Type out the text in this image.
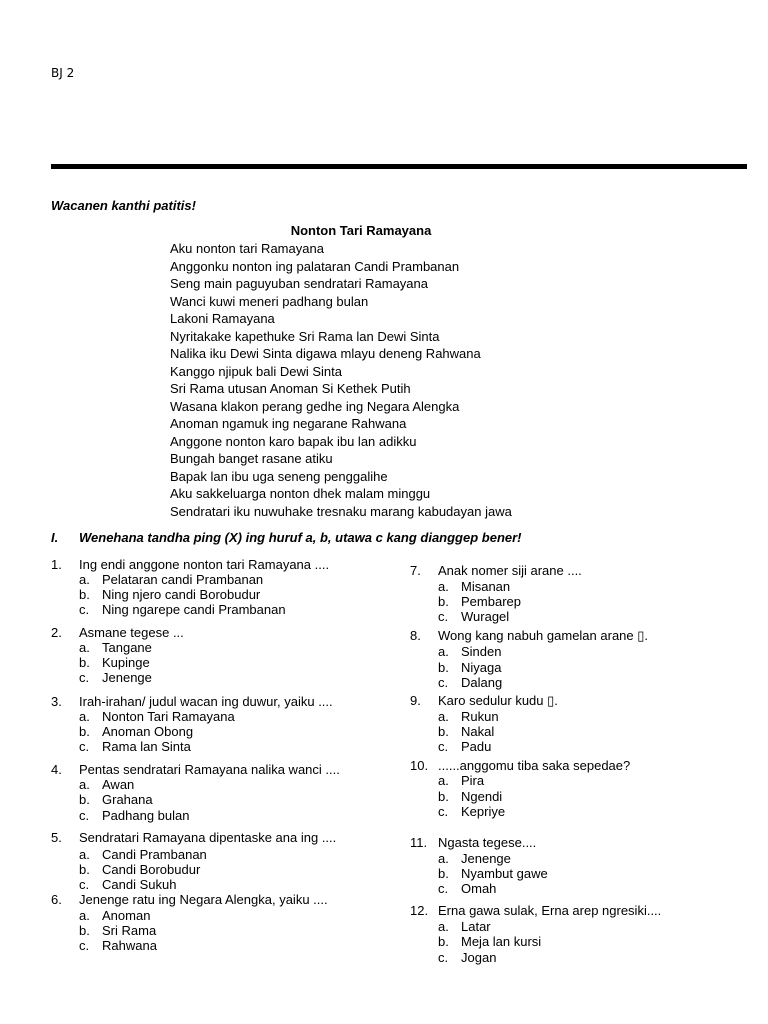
BJ 2
Wacanen kanthi patitis!
Nonton Tari Ramayana
Aku nonton tari Ramayana
Anggonku nonton ing palataran Candi Prambanan
Seng main paguyuban sendratari Ramayana
Wanci kuwi meneri padhang bulan
Lakoni Ramayana
Nyritakake kapethuke Sri Rama lan Dewi Sinta
Nalika iku Dewi Sinta digawa mlayu deneng Rahwana
Kanggo njipuk bali Dewi Sinta
Sri Rama utusan Anoman Si Kethek Putih
Wasana klakon perang gedhe ing Negara Alengka
Anoman ngamuk ing negarane Rahwana
Anggone nonton karo bapak ibu lan adikku
Bungah banget rasane atiku
Bapak lan ibu uga seneng penggalihe
Aku sakkeluarga nonton dhek malam minggu
Sendratari iku nuwuhake tresnaku marang kabudayan jawa
I. Wenehana tandha ping (X) ing huruf a, b, utawa c kang dianggep bener!
1. Ing endi anggone nonton tari Ramayana ....
a. Pelataran candi Prambanan
b. Ning njero candi Borobudur
c. Ning ngarepe candi Prambanan
2. Asmane tegese ...
a. Tangane
b. Kupinge
c. Jenenge
3. Irah-irahan/ judul wacan ing duwur, yaiku ....
a. Nonton Tari Ramayana
b. Anoman Obong
c. Rama lan Sinta
4. Pentas sendratari Ramayana nalika wanci ....
a. Awan
b. Grahana
c. Padhang bulan
5. Sendratari Ramayana dipentaske ana ing ....
a. Candi Prambanan
b. Candi Borobudur
c. Candi Sukuh
6. Jenenge ratu ing Negara Alengka, yaiku ....
a. Anoman
b. Sri Rama
c. Rahwana
7. Anak nomer siji arane ....
a. Misanan
b. Pembarep
c. Wuragel
8. Wong kang nabuh gamelan arane ▯.
a. Sinden
b. Niyaga
c. Dalang
9. Karo sedulur kudu ▯.
a. Rukun
b. Nakal
c. Padu
10. ......anggomu tiba saka sepedae?
a. Pira
b. Ngendi
c. Kepriye
11. Ngasta tegese....
a. Jenenge
b. Nyambut gawe
c. Omah
12. Erna gawa sulak, Erna arep ngresiki....
a. Latar
b. Meja lan kursi
c. Jogan
